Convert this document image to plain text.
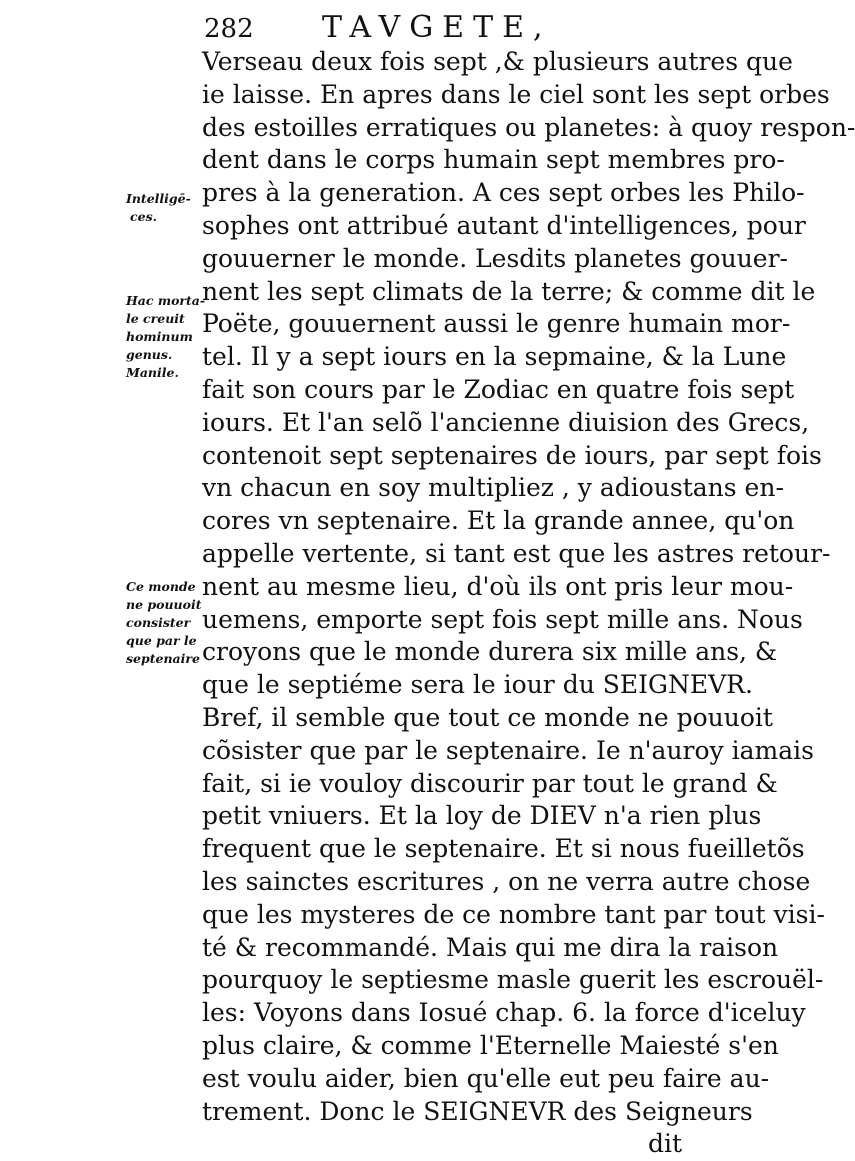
282 TAVGETE,
Intelligē-
ces.
Hac morta-
le creuit
hominum
genus.
Manile.
Ce monde
ne pouuoit
consister
que par le
septenaire
Verseau deux fois sept ,& plusieurs autres que
ie laisse. En apres dans le ciel sont les sept orbes
des estoilles erratiques ou planetes: à quoy respon-
dent dans le corps humain sept membres pro-
pres à la generation. A ces sept orbes les Philo-
sophes ont attribué autant d'intelligences, pour
gouuerner le monde. Lesdits planetes gouuer-
nent les sept climats de la terre; & comme dit le
Poëte, gouuernent aussi le genre humain mor-
tel. Il y a sept iours en la sepmaine, & la Lune
fait son cours par le Zodiac en quatre fois sept
iours. Et l'an selõ l'ancienne diuision des Grecs,
contenoit sept septenaires de iours, par sept fois
vn chacun en soy multipliez , y adioustans en-
cores vn septenaire. Et la grande annee, qu'on
appelle vertente, si tant est que les astres retour-
nent au mesme lieu, d'où ils ont pris leur mou-
uemens, emporte sept fois sept mille ans. Nous
croyons que le monde durera six mille ans, &
que le septiéme sera le iour du SEIGNEVR.
Bref, il semble que tout ce monde ne pouuoit
cõsister que par le septenaire. Ie n'auroy iamais
fait, si ie vouloy discourir par tout le grand &
petit vniuers. Et la loy de DIEV n'a rien plus
frequent que le septenaire. Et si nous fueilletõs
les sainctes escritures , on ne verra autre chose
que les mysteres de ce nombre tant par tout visi-
té & recommandé. Mais qui me dira la raison
pourquoy le septiesme masle guerit les escrouël-
les: Voyons dans Iosué chap. 6. la force d'iceluy
plus claire, & comme l'Eternelle Maiesté s'en
est voulu aider, bien qu'elle eut peu faire au-
trement. Donc le SEIGNEVR des Seigneurs
dit
